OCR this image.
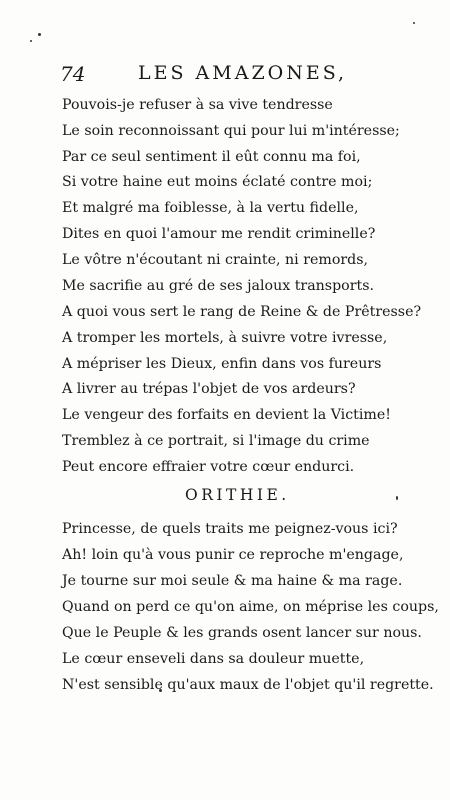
74	LES AMAZONES,
Pouvois-je refuser à sa vive tendresse
Le soin reconnoissant qui pour lui m'intéresse;
Par ce seul sentiment il eût connu ma foi,
Si votre haine eut moins éclaté contre moi;
Et malgré ma foiblesse, à la vertu fidelle,
Dites en quoi l'amour me rendit criminelle?
Le vôtre n'écoutant ni crainte, ni remords,
Me sacrifie au gré de ses jaloux transports.
A quoi vous sert le rang de Reine & de Prêtresse?
A tromper les mortels, à suivre votre ivresse,
A mépriser les Dieux, enfin dans vos fureurs
A livrer au trépas l'objet de vos ardeurs?
Le vengeur des forfaits en devient la Victime!
Tremblez à ce portrait, si l'image du crime
Peut encore effraier votre cœur endurci.
ORITHIE.
Princesse, de quels traits me peignez-vous ici?
Ah! loin qu'à vous punir ce reproche m'engage,
Je tourne sur moi seule & ma haine & ma rage.
Quand on perd ce qu'on aime, on méprise les coups,
Que le Peuple & les grands osent lancer sur nous.
Le cœur enseveli dans sa douleur muette,
N'est sensible qu'aux maux de l'objet qu'il regrette.
